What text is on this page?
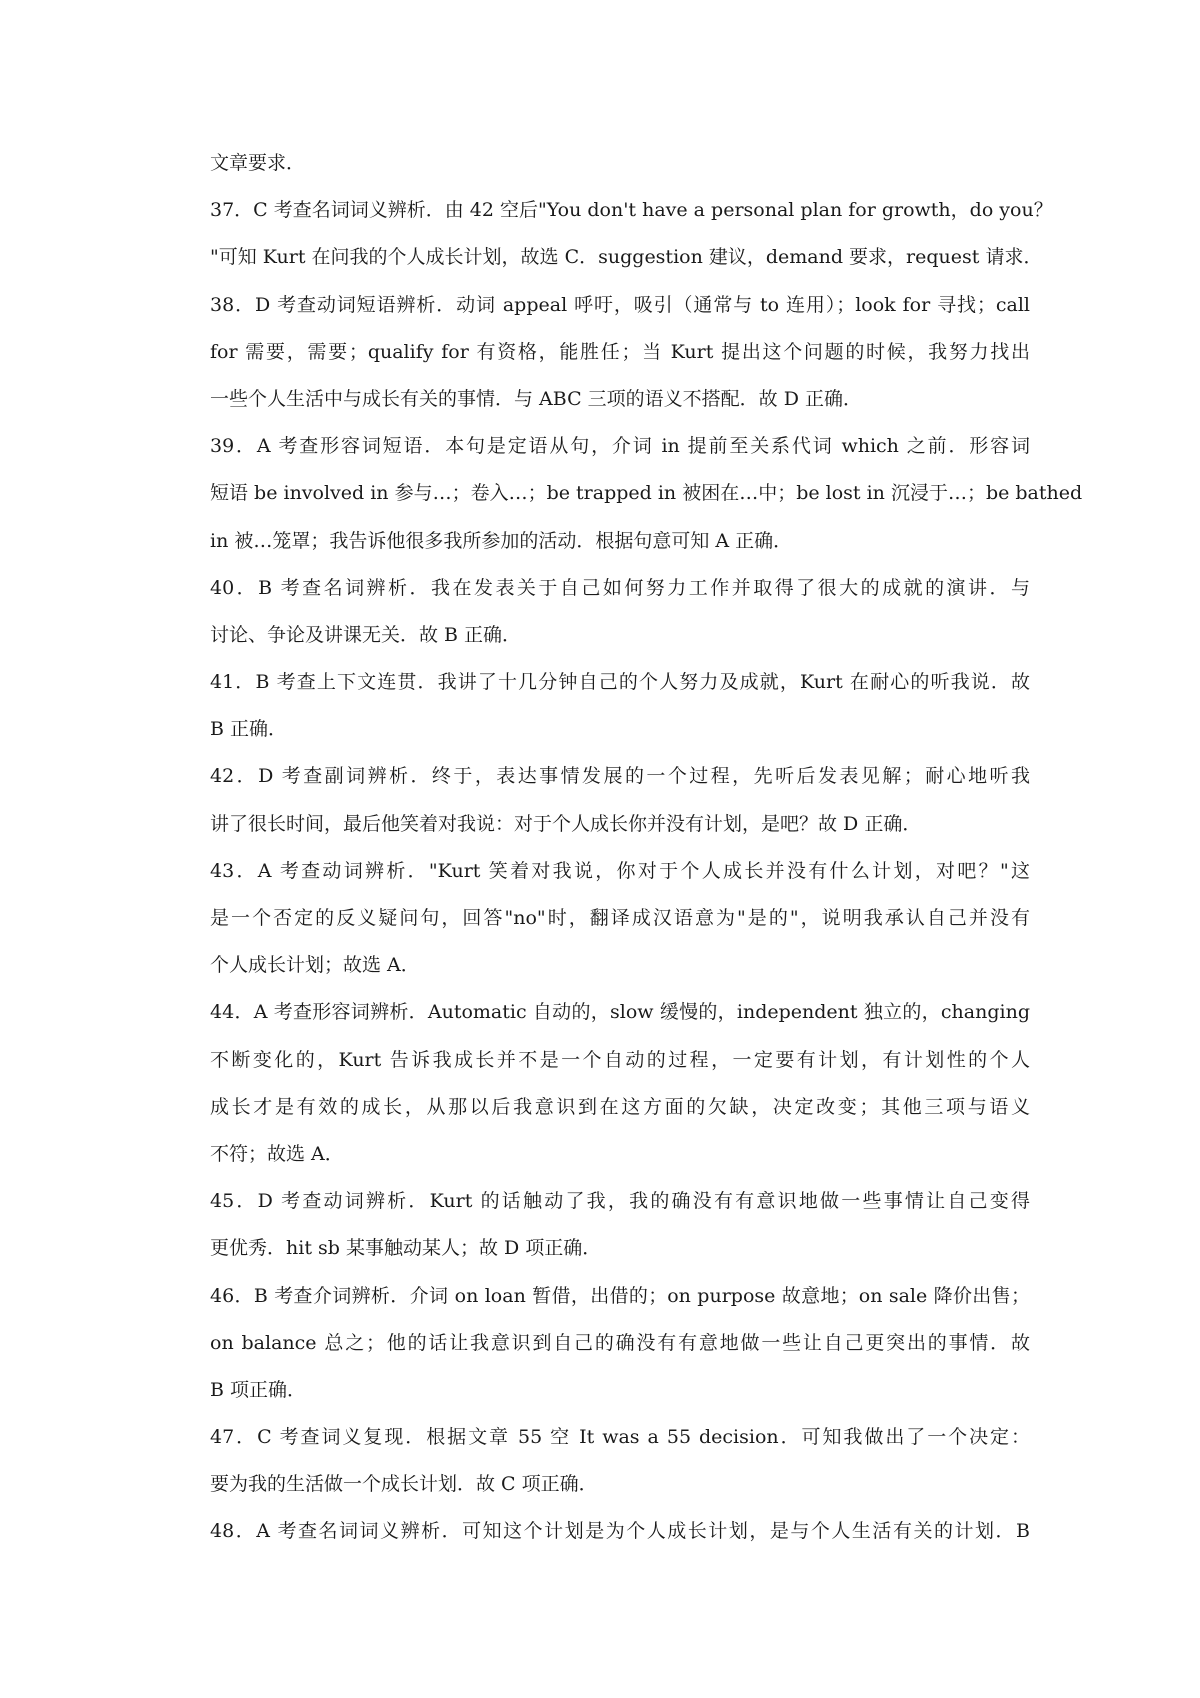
文章要求．
37．C 考查名词词义辨析．由 42 空后"You don't have a personal plan for growth，do you？
"可知 Kurt 在问我的个人成长计划，故选 C．suggestion 建议，demand 要求，request 请求．
38．D 考查动词短语辨析．动词 appeal 呼吁，吸引（通常与 to 连用）；look for 寻找；call
for 需要，需要；qualify for 有资格，能胜任；当 Kurt 提出这个问题的时候，我努力找出
一些个人生活中与成长有关的事情．与 ABC 三项的语义不搭配．故 D 正确．
39．A 考查形容词短语．本句是定语从句，介词 in 提前至关系代词 which 之前．形容词
短语 be involved in 参与…；卷入…；be trapped in 被困在…中；be lost in 沉浸于…；be bathed
in 被…笼罩；我告诉他很多我所参加的活动．根据句意可知 A 正确．
40．B 考查名词辨析．我在发表关于自己如何努力工作并取得了很大的成就的演讲．与
讨论、争论及讲课无关．故 B 正确．
41．B 考查上下文连贯．我讲了十几分钟自己的个人努力及成就，Kurt 在耐心的听我说．故
B 正确．
42．D 考查副词辨析．终于，表达事情发展的一个过程，先听后发表见解；耐心地听我
讲了很长时间，最后他笑着对我说：对于个人成长你并没有计划，是吧？故 D 正确．
43．A 考查动词辨析．"Kurt 笑着对我说，你对于个人成长并没有什么计划，对吧？"这
是一个否定的反义疑问句，回答"no"时，翻译成汉语意为"是的"，说明我承认自己并没有
个人成长计划；故选 A．
44．A 考查形容词辨析．Automatic 自动的，slow 缓慢的，independent 独立的，changing
不断变化的，Kurt 告诉我成长并不是一个自动的过程，一定要有计划，有计划性的个人
成长才是有效的成长，从那以后我意识到在这方面的欠缺，决定改变；其他三项与语义
不符；故选 A．
45．D 考查动词辨析．Kurt 的话触动了我，我的确没有有意识地做一些事情让自己变得
更优秀．hit sb 某事触动某人；故 D 项正确．
46．B 考查介词辨析．介词 on loan 暂借，出借的；on purpose 故意地；on sale 降价出售；
on balance 总之；他的话让我意识到自己的确没有有意地做一些让自己更突出的事情．故
B 项正确．
47．C 考查词义复现．根据文章 55 空 It was a 55 decision．可知我做出了一个决定：
要为我的生活做一个成长计划．故 C 项正确．
48．A 考查名词词义辨析．可知这个计划是为个人成长计划，是与个人生活有关的计划．B
